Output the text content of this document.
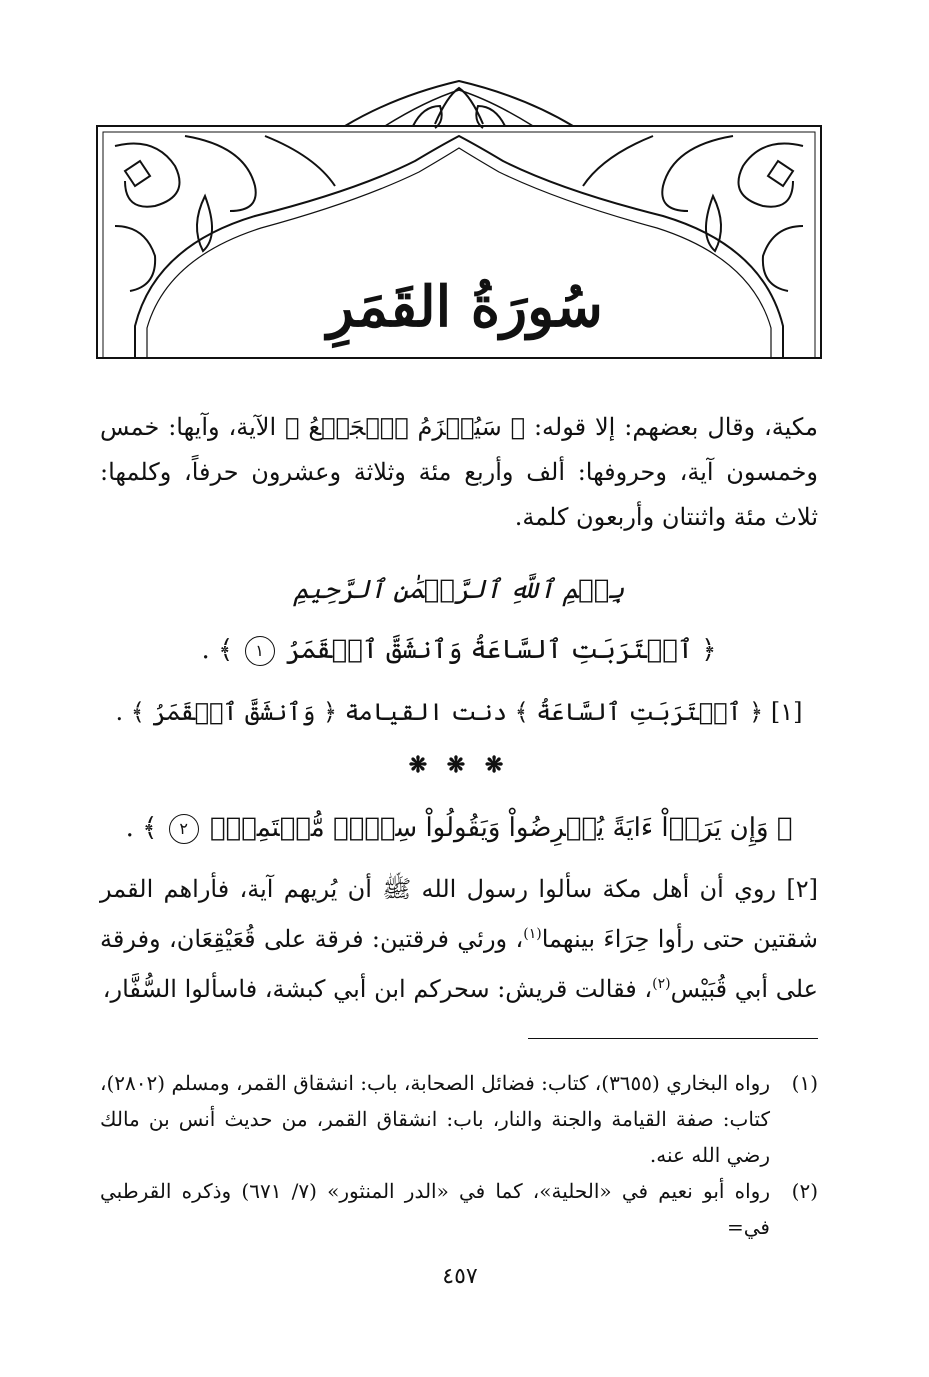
سُورَةُ القَمَرِ
مكية، وقال بعضهم: إلا قوله: ﴿ سَيُهۡزَمُ ٱلۡجَمۡعُ ﴾ الآية، وآيها: خمس وخمسون آية، وحروفها: ألف وأربع مئة وثلاثة وعشرون حرفاً، وكلمها: ثلاث مئة واثنتان وأربعون كلمة.
بِسۡمِ ٱللَّهِ ٱلرَّحۡمَٰنِ ٱلرَّحِيمِ
﴿ ٱقۡتَرَبَتِ ٱلسَّاعَةُ وَٱنشَقَّ ٱلۡقَمَرُ ١ ﴾ .
[١] ﴿ ٱقۡتَرَبَتِ ٱلسَّاعَةُ ﴾ دنت القيامة ﴿ وَٱنشَقَّ ٱلۡقَمَرُ ﴾ .
❋ ❋ ❋
﴿ وَإِن يَرَوۡاْ ءَايَةً يُعۡرِضُواْ وَيَقُولُواْ سِحۡرٞ مُّسۡتَمِرّٞ ٢ ﴾ .
[٢] روي أن أهل مكة سألوا رسول الله ﷺ أن يُريهم آية، فأراهم القمر شقتين حتى رأوا حِرَاءَ بينهما$^{(١)}$، ورئي فرقتين: فرقة على قُعَيْقِعَان، وفرقة على أبي قُبَيْس$^{(٢)}$، فقالت قريش: سحركم ابن أبي كبشة، فاسألوا السُّفَّار،
(١)
رواه البخاري (٣٦٥٥)، كتاب: فضائل الصحابة، باب: انشقاق القمر، ومسلم (٢٨٠٢)، كتاب: صفة القيامة والجنة والنار، باب: انشقاق القمر، من حديث أنس بن مالك رضي الله عنه.
(٢)
رواه أبو نعيم في «الحلية»، كما في «الدر المنثور» (٧/ ٦٧١) وذكره القرطبي في=
٤٥٧
